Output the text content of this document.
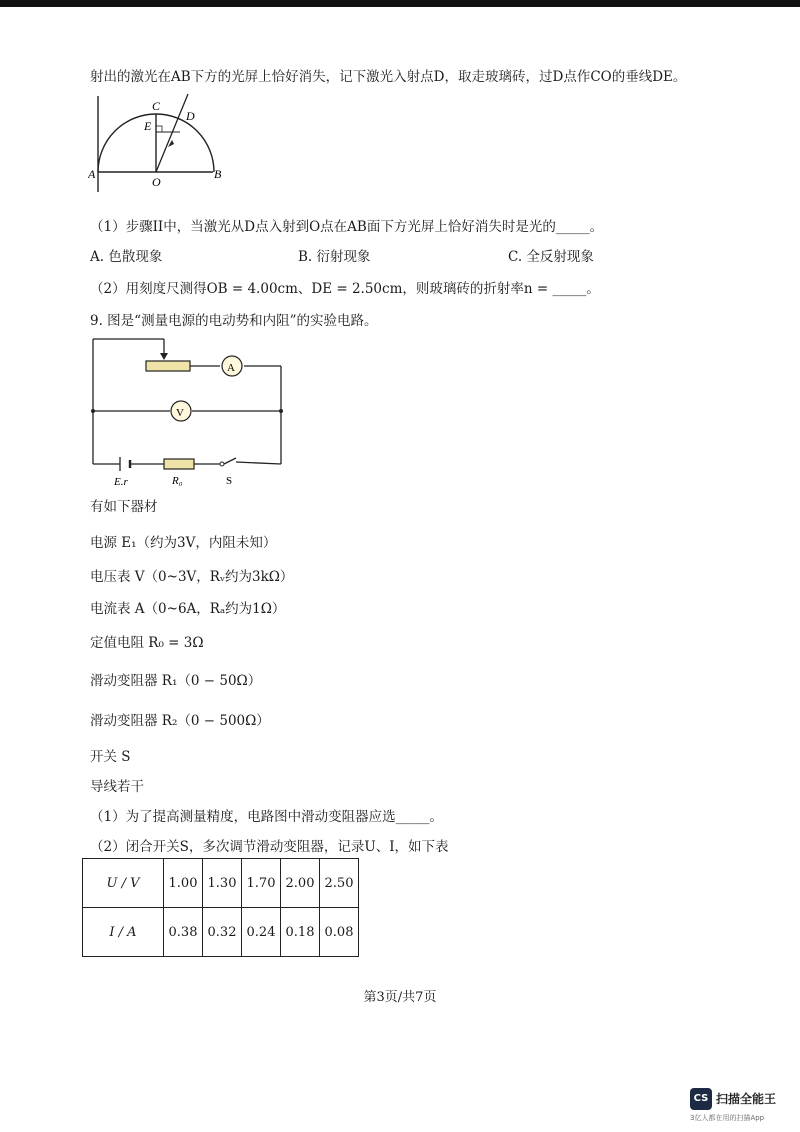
射出的激光在AB下方的光屏上恰好消失，记下激光入射点D，取走玻璃砖，过D点作CO的垂线DE。
A	B
C
D
E
O
（1）步骤II中，当激光从D点入射到O点在AB面下方光屏上恰好消失时是光的_____。
A. 色散现象	B. 衍射现象	C. 全反射现象
（2）用刻度尺测得OB = 4.00cm、DE = 2.50cm，则玻璃砖的折射率n = _____。
9. 图是“测量电源的电动势和内阻”的实验电路。
A
V
E.r	R₀	S
有如下器材
电源 E₁（约为3V，内阻未知）
电压表 V（0~3V，Rᵥ约为3kΩ）
电流表 A（0~6A，Rₐ约为1Ω）
定值电阻 R₀ = 3Ω
滑动变阻器 R₁（0 − 50Ω）
滑动变阻器 R₂（0 − 500Ω）
开关 S
导线若干
（1）为了提高测量精度，电路图中滑动变阻器应选_____。
（2）闭合开关S，多次调节滑动变阻器，记录U、I，如下表
U / V	1.00	1.30	1.70	2.00	2.50
I / A	0.38	0.32	0.24	0.18	0.08
第3页/共7页
CS 扫描全能王
3亿人都在用的扫描App
